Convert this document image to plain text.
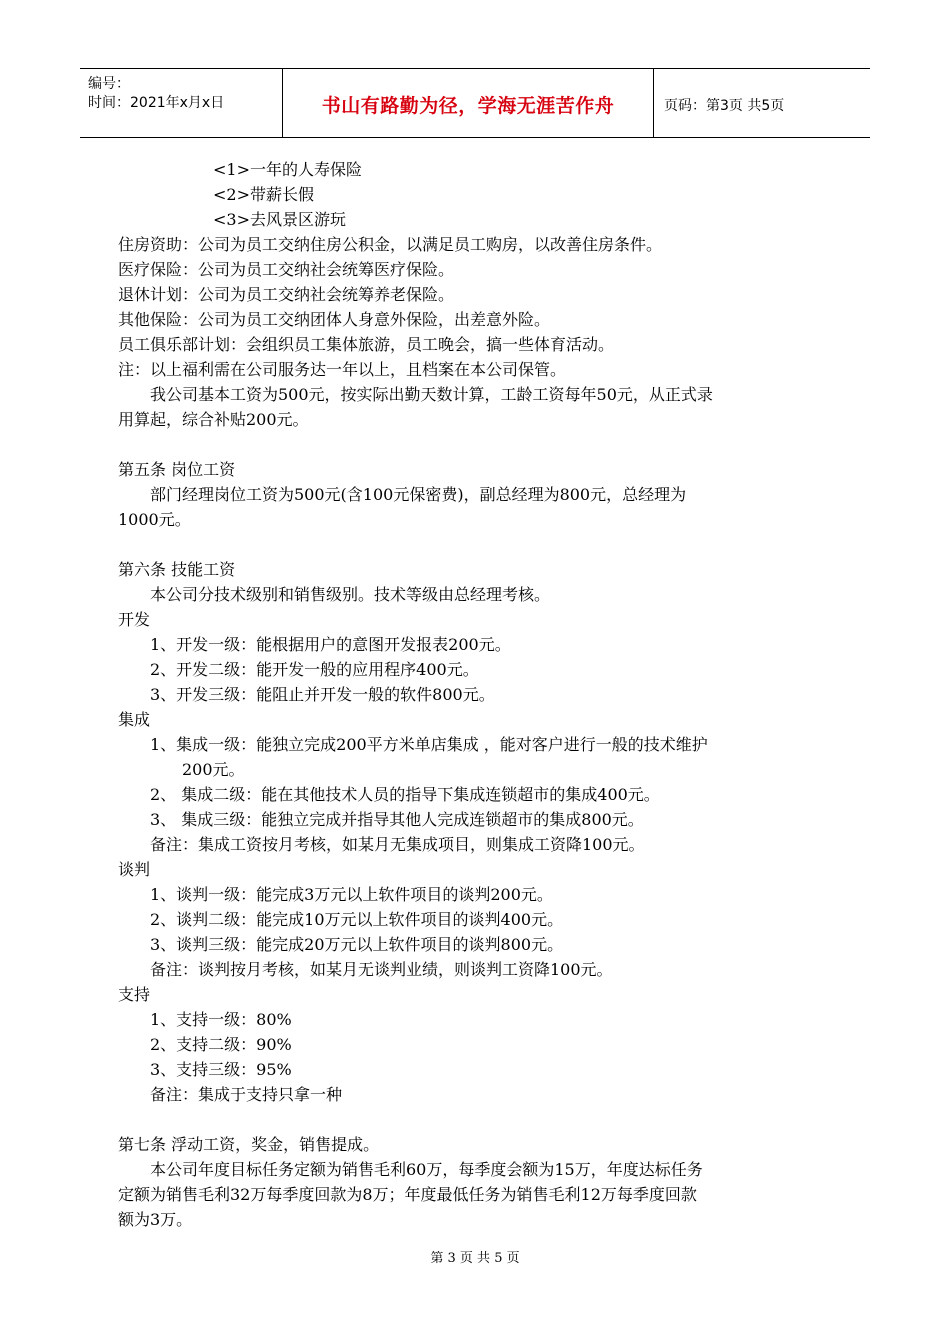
编号：
时间：2021年x月x日	书山有路勤为径，学海无涯苦作舟	页码：第3页 共5页
<1>一年的人寿保险
<2>带薪长假
<3>去风景区游玩
住房资助：公司为员工交纳住房公积金，以满足员工购房，以改善住房条件。
医疗保险：公司为员工交纳社会统筹医疗保险。
退休计划：公司为员工交纳社会统筹养老保险。
其他保险：公司为员工交纳团体人身意外保险，出差意外险。
员工俱乐部计划：会组织员工集体旅游，员工晚会，搞一些体育活动。
注：以上福利需在公司服务达一年以上，且档案在本公司保管。
我公司基本工资为500元，按实际出勤天数计算，工龄工资每年50元，从正式录
用算起，综合补贴200元。
第五条 岗位工资
部门经理岗位工资为500元(含100元保密费)，副总经理为800元，总经理为
1000元。
第六条 技能工资
本公司分技术级别和销售级别。技术等级由总经理考核。
开发
1、开发一级：能根据用户的意图开发报表200元。
2、开发二级：能开发一般的应用程序400元。
3、开发三级：能阻止并开发一般的软件800元。
集成
1、集成一级：能独立完成200平方米单店集成 ，能对客户进行一般的技术维护
200元。
2、 集成二级：能在其他技术人员的指导下集成连锁超市的集成400元。
3、 集成三级：能独立完成并指导其他人完成连锁超市的集成800元。
备注：集成工资按月考核，如某月无集成项目，则集成工资降100元。
谈判
1、谈判一级：能完成3万元以上软件项目的谈判200元。
2、谈判二级：能完成10万元以上软件项目的谈判400元。
3、谈判三级：能完成20万元以上软件项目的谈判800元。
备注：谈判按月考核，如某月无谈判业绩，则谈判工资降100元。
支持
1、支持一级：80%
2、支持二级：90%
3、支持三级：95%
备注：集成于支持只拿一种
第七条 浮动工资，奖金，销售提成。
本公司年度目标任务定额为销售毛利60万，每季度会额为15万，年度达标任务
定额为销售毛利32万每季度回款为8万；年度最低任务为销售毛利12万每季度回款
额为3万。
第 3 页 共 5 页
